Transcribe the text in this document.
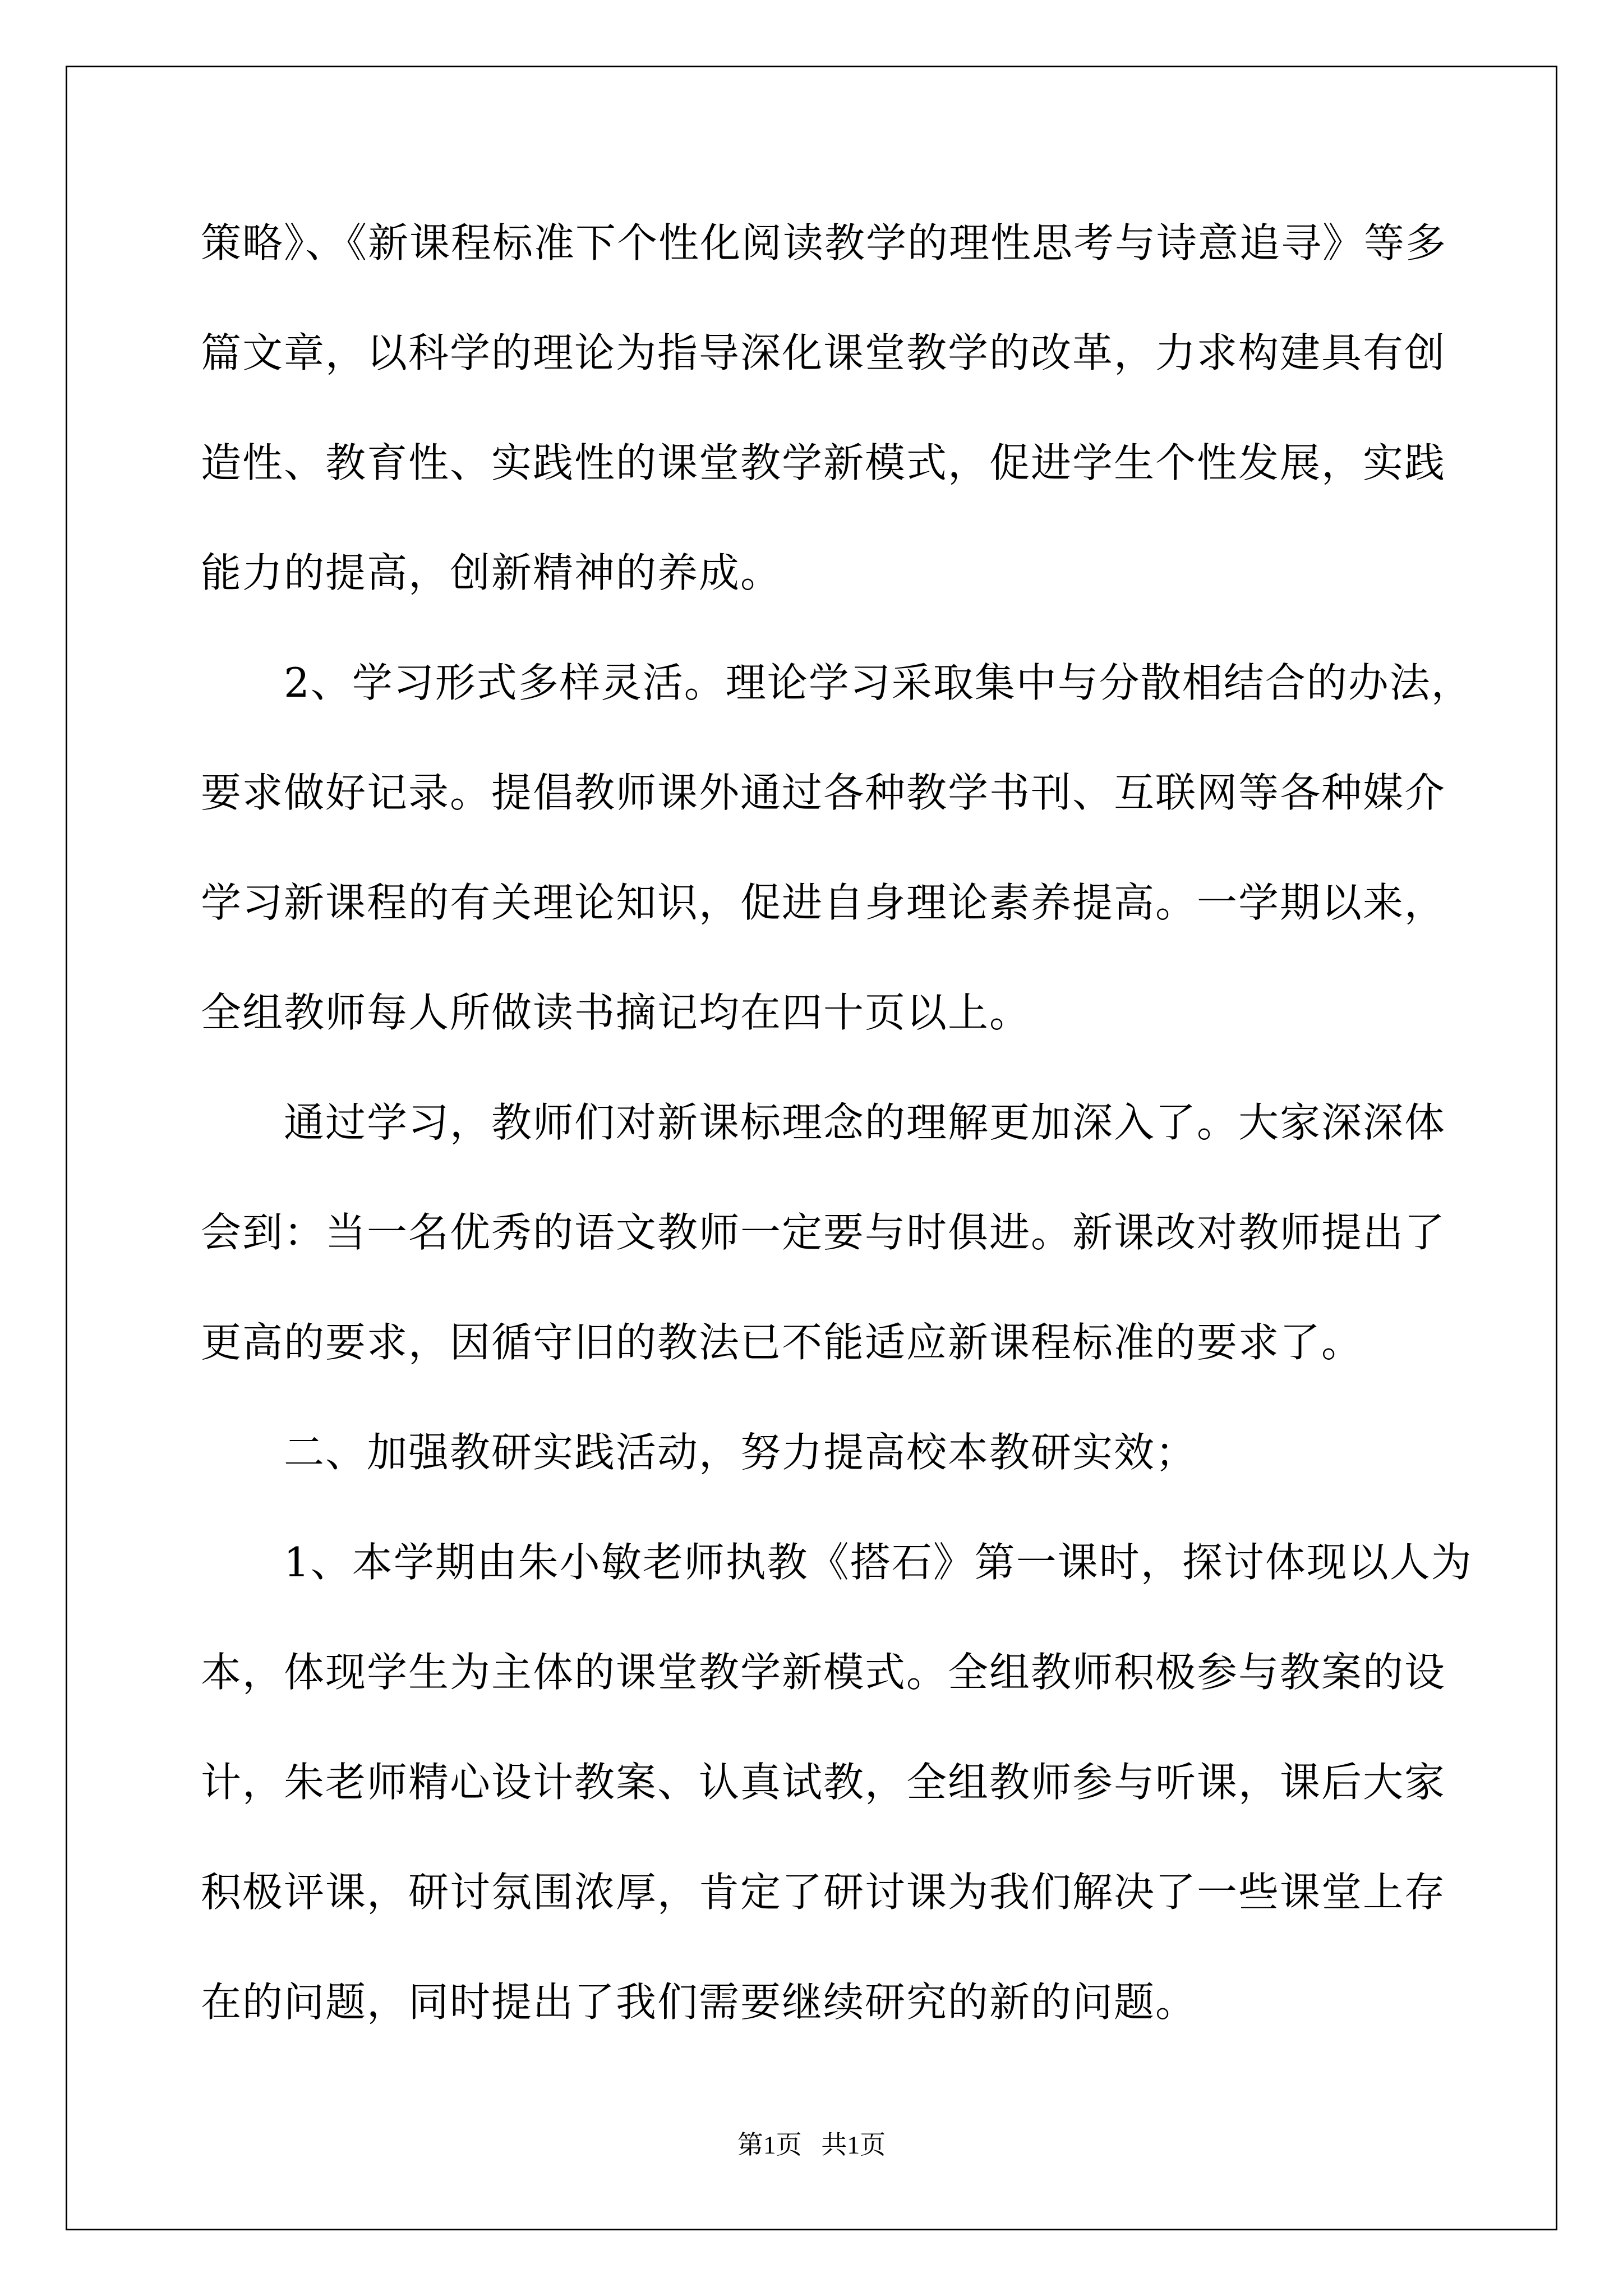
策略》、《新课程标准下个性化阅读教学的理性思考与诗意追寻》等多

篇文章，以科学的理论为指导深化课堂教学的改革，力求构建具有创

造性、教育性、实践性的课堂教学新模式，促进学生个性发展，实践

能力的提高，创新精神的养成。

　　2、学习形式多样灵活。理论学习采取集中与分散相结合的办法，

要求做好记录。提倡教师课外通过各种教学书刊、互联网等各种媒介

学习新课程的有关理论知识，促进自身理论素养提高。一学期以来，

全组教师每人所做读书摘记均在四十页以上。

　　通过学习，教师们对新课标理念的理解更加深入了。大家深深体

会到：当一名优秀的语文教师一定要与时俱进。新课改对教师提出了

更高的要求，因循守旧的教法已不能适应新课程标准的要求了。

　　二、加强教研实践活动，努力提高校本教研实效；

　　1、本学期由朱小敏老师执教《搭石》第一课时，探讨体现以人为

本，体现学生为主体的课堂教学新模式。全组教师积极参与教案的设

计，朱老师精心设计教案、认真试教，全组教师参与听课，课后大家

积极评课，研讨氛围浓厚，肯定了研讨课为我们解决了一些课堂上存

在的问题，同时提出了我们需要继续研究的新的问题。

第1页   共1页
